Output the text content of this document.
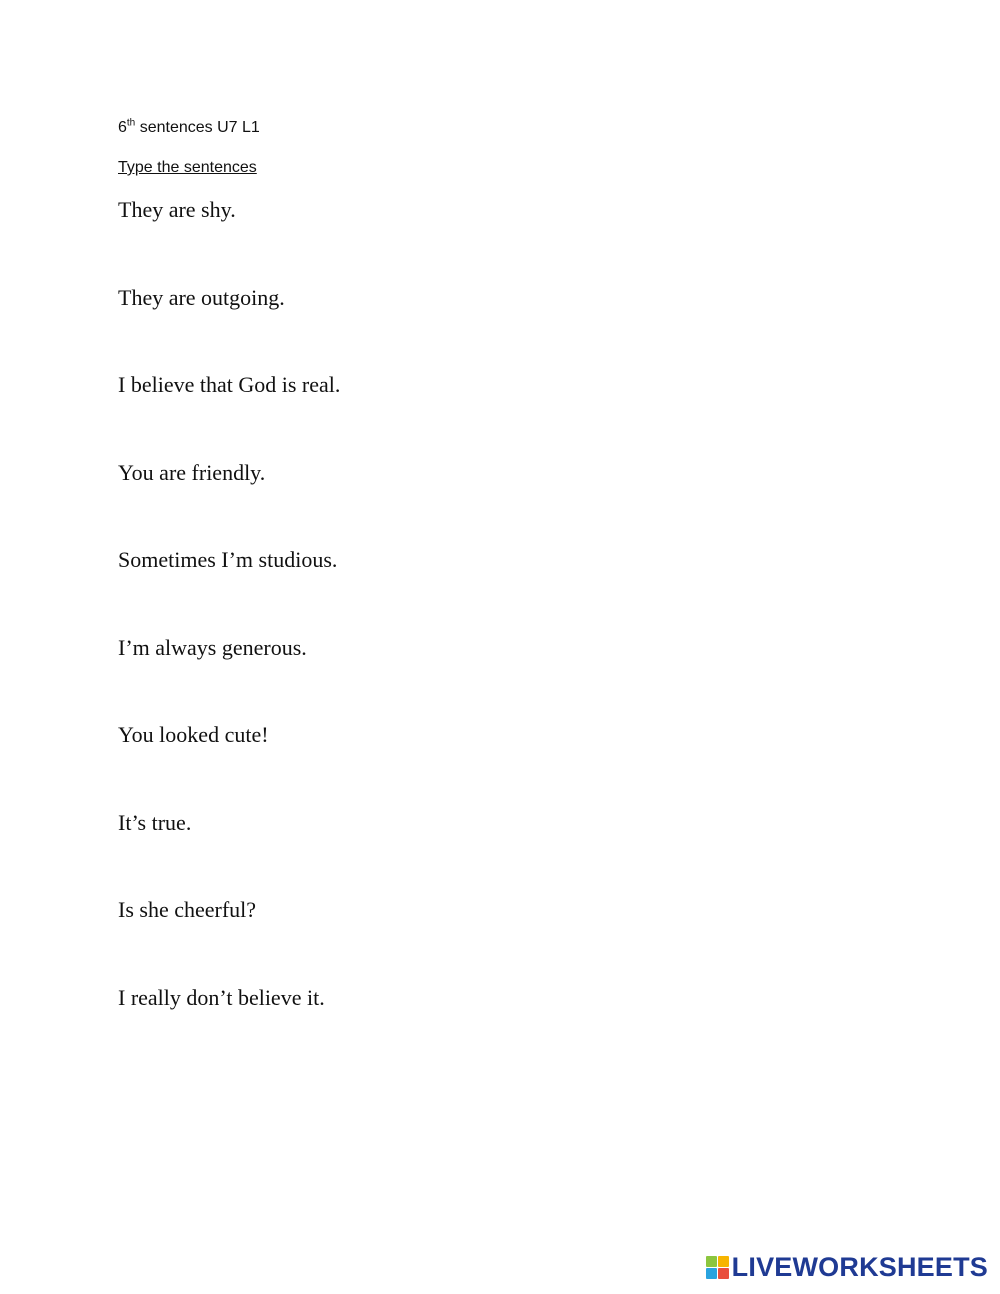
6th sentences U7 L1
Type the sentences
They are shy.
They are outgoing.
I believe that God is real.
You are friendly.
Sometimes I’m studious.
I’m always generous.
You looked cute!
It’s true.
Is she cheerful?
I really don’t believe it.
LIVEWORKSHEETS
